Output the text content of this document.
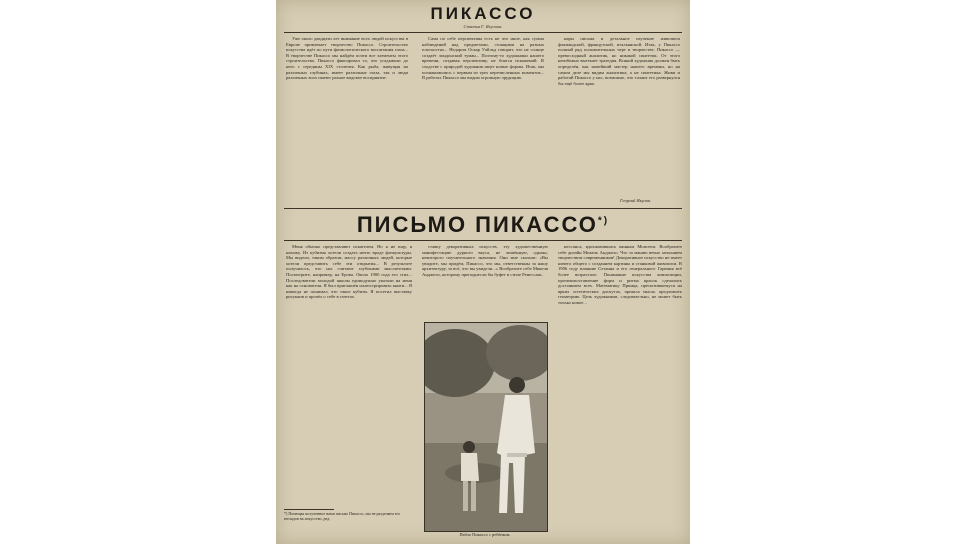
ПИКАССО
Статья Г. Якулова.

Уже около двадцати лет внимание всех людей искусства в Европе привлекает творчество Пикассо. Строительство искусства идёт по пути физиологического воспитания глаза... В творчестве Пикассо мы найдём почти все элементы этого строительства. Пикассо фиксировал то, что угадывали до него с середины XIX столетия. Как рыба, живущая на различных глубинах, имеет различные глаза, так и люди различных эпох имеют разное видовое восприятие.

Сама по себе перспектива есть не что иное, как сумма наблюдений над предметами, стоящими на разных плоскостях... Недаром Оскар Уайльд говорит, что не солнце создаёт лондонский туман... Поэтому-то художники нашего времени, создавая перспективу, не боятся искажений. В сходстве с природой художник ищет новые формы. Итак, мы познакомились с первым из трех перечисленных моментов... В работах Пикассо мы видим огромную эрудицию.

нары письма и детальное изучение живописи фламандской, французской, итальянской. Итак, у Пикассо полный ряд положительных черт в творчестве. Пикассо — превосходный аналитик, но никакой синтетик. От этого неизбежно вытекает трагедия. Всякий художник должен быть определён, как новейший мастер нашего времени, но на самом деле мы видим аналитика, а не синтетика. Живи и работай Пикассо у нас, возможно, что талант его развернулся бы ещё более ярко.

Георгий Якулов.
ПИСЬМО ПИКАССО*)

Меня обычно представляют искателем. Но я не ищу, я нахожу. Из кубизма хотели создать нечто вроде физкультуры. Мы видели, таким образом, массу различных людей, которые хотели представить себе эти открытия... В результате получилось, что нас считают глубокими мыслителями. Посмотрите, например, на Ерова. Около 1900 года его стих... Последователи молодой школы единодушно указали на меня как на основателя. Я был приглашён иллюстрировать книги... Я никогда не понимал, что такое кубизм. Я посетил выставку рисунков и прочёл о себе в газетах.

ставку декоративных искусств, эту художественную манифестацию дурного вкуса, не лишённую, однако, некоторого поучительного значения. Они мне сказали: «Вы увидите, мы придём, Пикассо, что мы, ответственны за нашу архитектуру, за всё, что вы увидели...» Вообразите себе Микеля Анджело, которому преподнесли бы буфет в стиле Ренессанс.

нессанса, вдохновившись ванным Моисеем. Вообразите себе дизайн Микель Анджело. Что за манию вечно заполняем творчеством современников! Декоративное искусство не имеет ничего общего с созданием картины и станковой живописи. В 1906 году влияние Сезанна и его генерального Гарения всё более возрастало. Понимание искусства композиции, противопоставление форм и ритма красок сделались достоянием всех. Математику Принца, пресытившемуся на ярких эстетических диспутах, пришла мысль предложить геометрию. Цель художников, следовательно, не может быть только новое...

Пабло Пикассо с ребёнком.
*) Помещая полученное нами письмо Пикассо, мы не разделяем его взглядов на искусство, ред.
